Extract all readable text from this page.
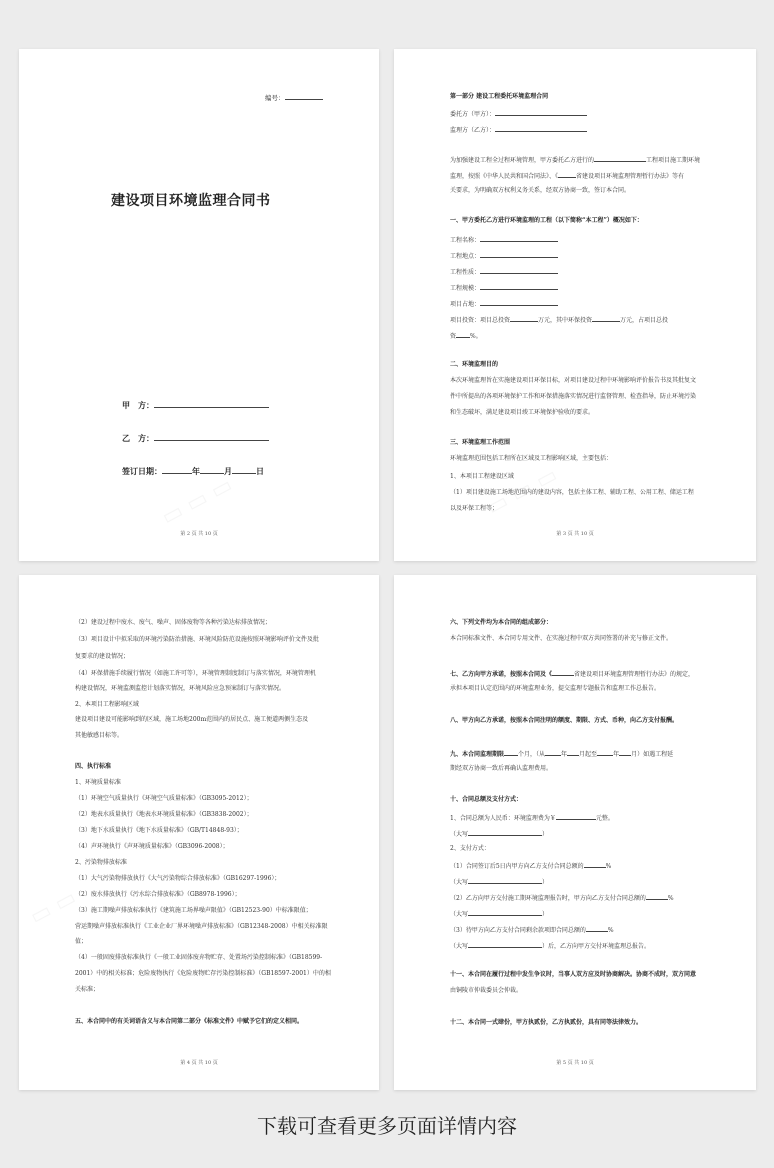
编号：
建设项目环境监理合同书
甲　方：
乙　方：
签订日期：	年	月	日
第 2 页 共 10 页
第一部分 建设工程委托环境监理合同
委托方（甲方）：
监理方（乙方）：
为加强建设工程全过程环境管理，甲方委托乙方进行的	工程项目施工期环境
监理，按照《中华人民共和国合同法》、《	省建设项目环境监理管理暂行办法》等有
关要求，为明确双方权利义务关系，经双方协商一致，签订本合同。
一、甲方委托乙方进行环境监理的工程（以下简称“本工程”）概况如下：
工程名称：
工程地点：
工程性质：
工程规模：
项目占地：
项目投资：项目总投资	万元，其中环保投资	万元，占项目总投
资 %。
二、环境监理目的
本次环境监理旨在实施建设项目环保目标，对项目建设过程中环境影响评价报告书及其批复文
件中所提出的各项环境保护工作和环保措施落实情况进行监督管理、检查指导，防止环境污染
和生态破坏，满足建设项目竣工环境保护验收的要求。
三、环境监理工作范围
环境监理范围包括工程所在区域及工程影响区域，主要包括：
1、本项目工程建设区域
（1）项目建设施工场地范围内的建设内容，包括主体工程、辅助工程、公用工程、储运工程
以及环保工程等；
第 3 页 共 10 页
（2）建设过程中废水、废气、噪声、固体废物等各种污染达标排放情况；
（3）项目设计中拟采取的环境污染防治措施、环境风险防范设施按照环境影响评价文件及批
复要求的建设情况；
（4）环保措施手续履行情况（如施工许可等），环境管理制度制订与落实情况，环境管理机
构建设情况，环境监测监控计划落实情况，环境风险应急预案制订与落实情况。
2、本项目工程影响区域
建设项目建设可能影响到的区域，施工场地200m范围内的居民点、施工便道两侧生态及
其他敏感目标等。
四、执行标准
1、环境质量标准
（1）环境空气质量执行《环境空气质量标准》（GB3095-2012）；
（2）地表水质量执行《地表水环境质量标准》（GB3838-2002）；
（3）地下水质量执行《地下水质量标准》（GB/T14848-93）；
（4）声环境执行《声环境质量标准》（GB3096-2008）；
2、污染物排放标准
（1）大气污染物排放执行《大气污染物综合排放标准》（GB16297-1996）；
（2）废水排放执行《污水综合排放标准》（GB8978-1996）；
（3）施工期噪声排放标准执行《建筑施工场界噪声限值》（GB12523-90）中标准限值；
营运期噪声排放标准执行《工业企业厂界环境噪声排放标准》（GB12348-2008）中相关标准限
值；
（4）一般固废排放标准执行《一般工业固体废弃物贮存、处置场污染控制标准》（GB18599-
2001）中的相关标准；危险废物执行《危险废物贮存污染控制标准》（GB18597-2001）中的相
关标准；
五、本合同中的有关词语含义与本合同第二部分《标准文件》中赋予它们的定义相同。
第 4 页 共 10 页
六、下列文件均为本合同的组成部分：
本合同标准文件、本合同专用文件、在实施过程中双方共同签署的补充与修正文件。
七、乙方向甲方承诺，按照本合同及《	省建设项目环境监理管理暂行办法》的规定，
承担本项目认定范围内的环境监理业务，提交监理专题报告和监理工作总报告。
八、甲方向乙方承诺，按照本合同注明的额度、期限、方式、币种，向乙方支付报酬。
九、本合同监理期限 个月，（从	年 月起至	年 月）如遇工程延
期经双方协商一致后再确认监理费用。
十、合同总额及支付方式：
1、合同总额为人民币：环境监理费为￥	元整。
（大写	）
2、支付方式：
（1）合同签订后5日内甲方向乙方支付合同总额的	%
（大写	）
（2）乙方向甲方交付施工期环境监理报告时，甲方向乙方支付合同总额的	%
（大写	）
（3）待甲方向乙方支付合同剩余款项即合同总额的	%
（大写	）后，乙方向甲方交付环境监理总报告。
十一、本合同在履行过程中发生争议时，当事人双方应及时协商解决。协商不成时，双方同意
由铜陵市仲裁委员会仲裁。
十二、本合同一式肆份，甲方执贰份，乙方执贰份，具有同等法律效力。
第 5 页 共 10 页
下载可查看更多页面详情内容
